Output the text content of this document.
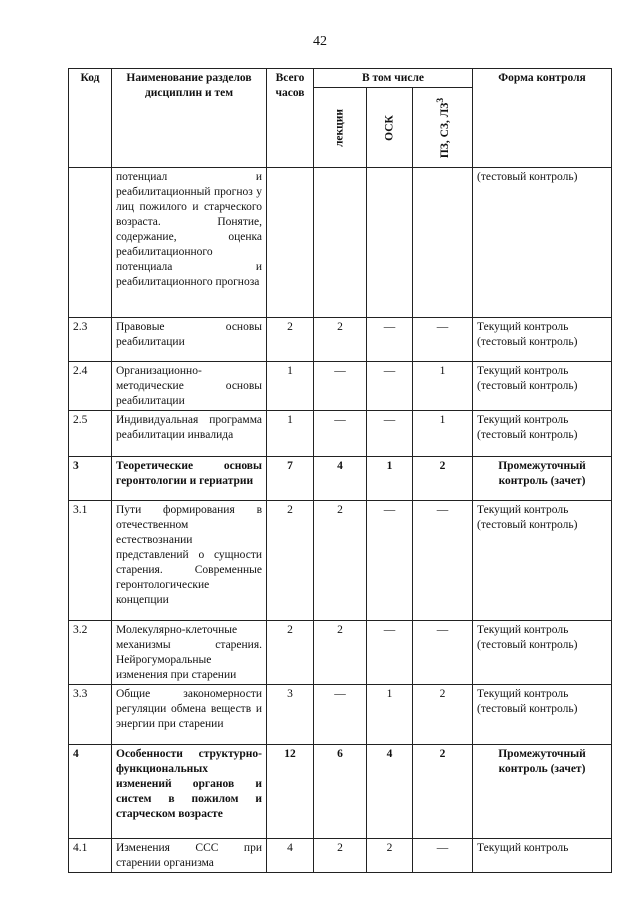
42
Код	Наименование разделов дисциплин и тем	Всего часов	В том числе			Форма контроля

			лекции	ОСК	ПЗ, СЗ, $ЛЗ^3$

	потенциал и реабилитационный прогноз у лиц пожилого и старческого возраста. Понятие, содержание, оценка реабилитационного потенциала и реабилитационного прогноза					(тестовый контроль)
2.3	Правовые основы реабилитации	2	2	—	—	Текущий контроль (тестовый контроль)
2.4	Организационно-методические основы реабилитации	1	—	—	1	Текущий контроль (тестовый контроль)
2.5	Индивидуальная программа реабилитации инвалида	1	—	—	1	Текущий контроль (тестовый контроль)
3	Теоретические основы геронтологии и гериатрии	7	4	1	2	Промежуточный контроль (зачет)
3.1	Пути формирования в отечественном естествознании представлений о сущности старения. Современные геронтологические концепции	2	2	—	—	Текущий контроль (тестовый контроль)
3.2	Молекулярно-клеточные механизмы старения. Нейрогуморальные изменения при старении	2	2	—	—	Текущий контроль (тестовый контроль)
3.3	Общие закономерности регуляции обмена веществ и энергии при старении	3	—	1	2	Текущий контроль (тестовый контроль)
4	Особенности структурно-функциональных изменений органов и систем в пожилом и старческом возрасте	12	6	4	2	Промежуточный контроль (зачет)
4.1	Изменения ССС при старении организма	4	2	2	—	Текущий контроль
